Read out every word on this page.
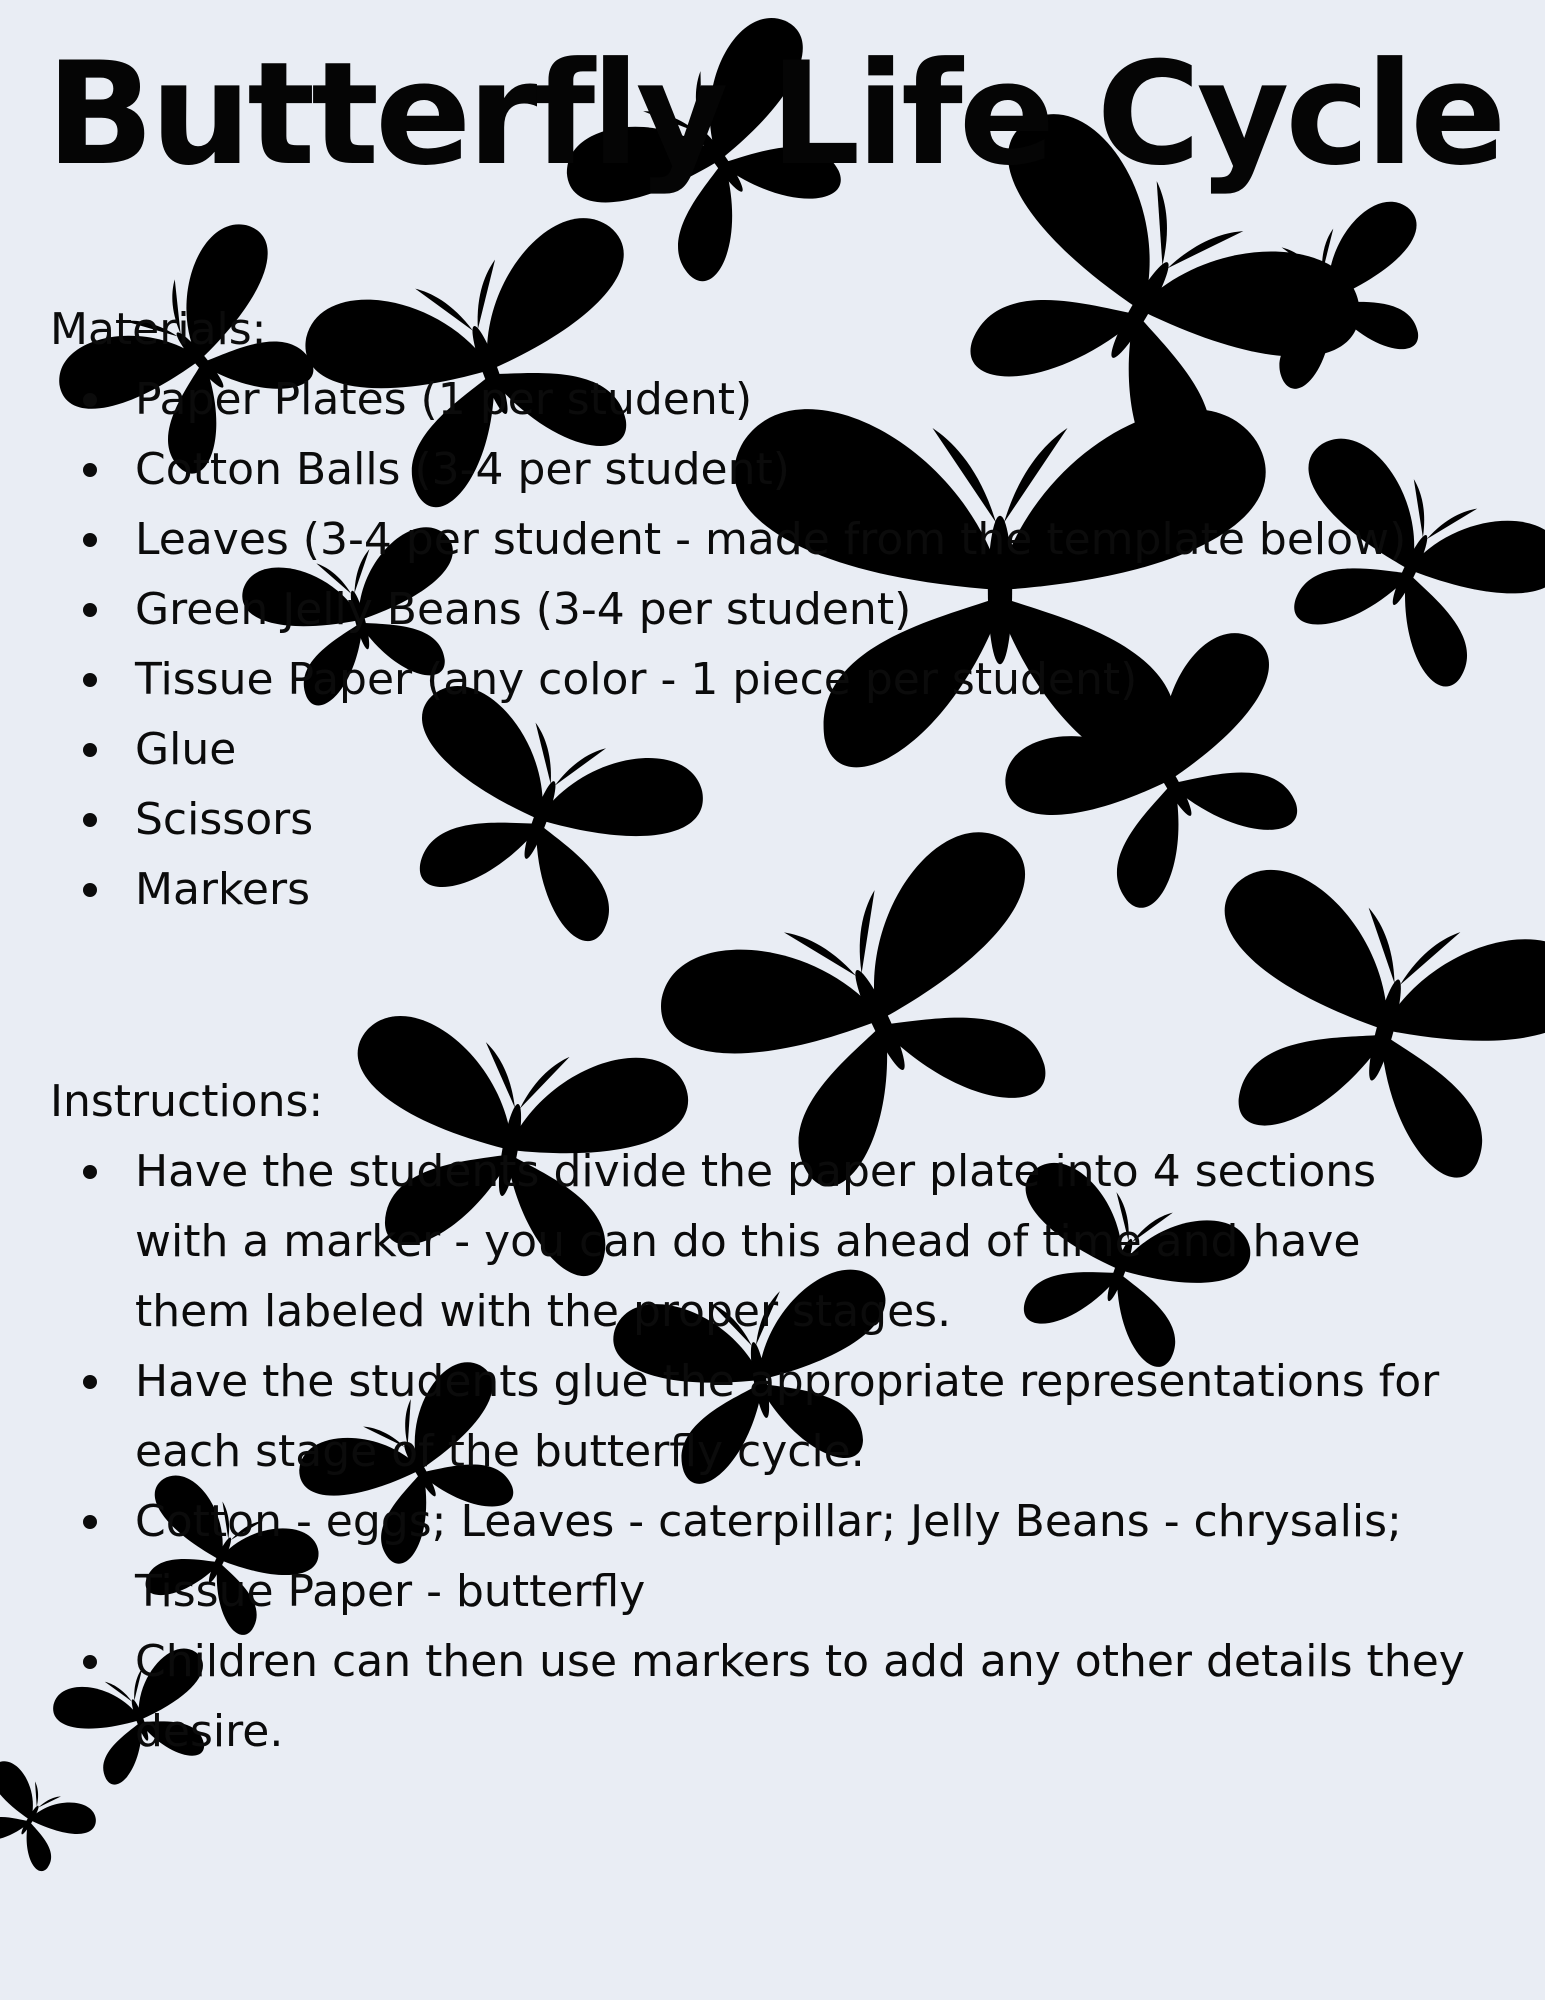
Butterfly Life Cycle
Materials:
Paper Plates (1 per student)
Cotton Balls (3-4 per student)
Leaves (3-4 per student - made from the template below)
Green Jelly Beans (3-4 per student)
Tissue Paper (any color - 1 piece per student)
Glue
Scissors
Markers
Instructions:
Have the students divide the paper plate into 4 sections with a marker - you can do this ahead of time and have them labeled with the proper stages.
Have the students glue the appropriate representations for each stage of the butterfly cycle.
Cotton - eggs; Leaves - caterpillar; Jelly Beans - chrysalis; Tissue Paper - butterfly
Children can then use markers to add any other details they desire.
